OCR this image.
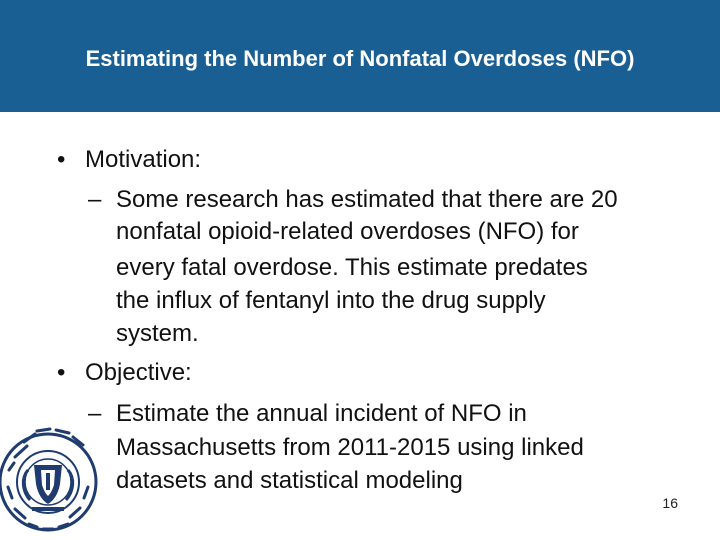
Estimating the Number of Nonfatal Overdoses (NFO)
• Motivation:
– Some research has estimated that there are 20
nonfatal opioid-related overdoses (NFO) for
every fatal overdose. This estimate predates
the influx of fentanyl into the drug supply
system.
• Objective:
– Estimate the annual incident of NFO in
Massachusetts from 2011-2015 using linked
datasets and statistical modeling
16
